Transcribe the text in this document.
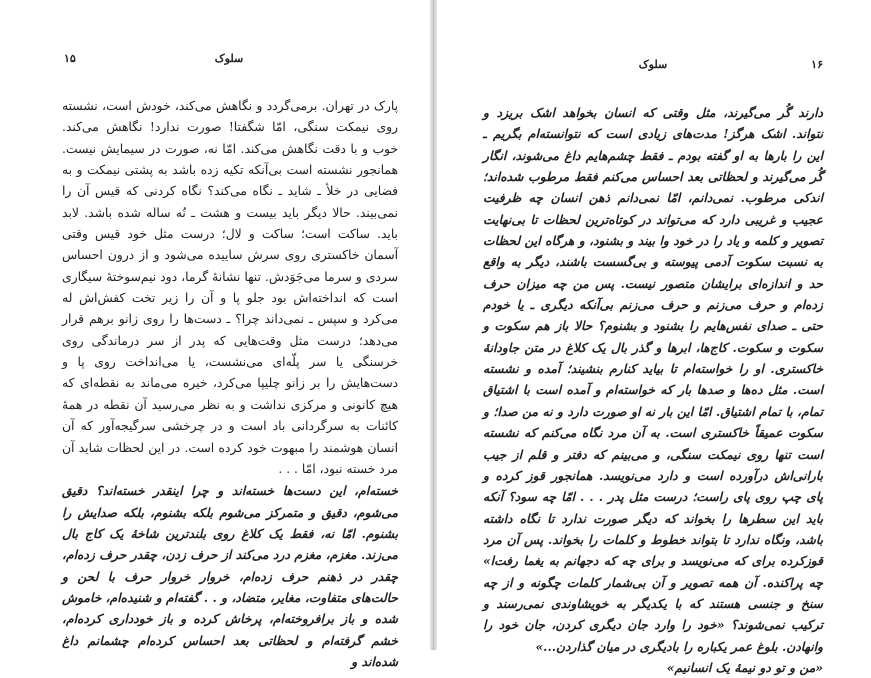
سلوک
۱۵

پارک در تهران. برمی‌گردد و نگاهش می‌کند، خودش است، نشسته روی نیمکت سنگی، امّا شگفتا! صورت ندارد! نگاهش می‌کند. خوب و با دقت نگاهش می‌کند. امّا نه، صورت در سیمایش نیست. همانجور نشسته است بی‌آنکه تکیه زده باشد به پشتی نیمکت و به فضایی در خلأ ـ شاید ـ نگاه می‌کند؟ نگاه کردنی که قیس آن را نمی‌بیند. حالا دیگر باید بیست و هشت ـ نُه ساله شده باشد. لابد باید. ساکت است؛ ساکت و لال؛ درست مثل خود قیس وقتی آسمان خاکستری روی سرش ساییده می‌شود و از درون احساس سردی و سرما می‌جَوَدش. تنها نشانهٔ گرما، دود نیم‌سوختهٔ سیگاری است که انداخته‌اش بود جلو پا و آن را زیر تخت کفش‌اش له می‌کرد و سپس ـ نمی‌داند چرا؟ ـ دست‌ها را روی زانو برهم قرار می‌دهد؛ درست مثل وقت‌هایی که پدر از سر درماندگی روی خرسنگی یا سر پلّه‌ای می‌نشست، یا می‌انداخت روی پا و دست‌هایش را بر زانو چلیپا می‌کرد، خیره می‌ماند به نقطه‌ای که هیچ کانونی و مرکزی نداشت و به نظر می‌رسید آن نقطه در همهٔ کائنات به سرگردانی باد است و در چرخشی سرگیجه‌آور که آن انسان هوشمند را مبهوت خود کرده است. در این لحظات شاید آن مرد خسته نبود، امّا . . .

خسته‌ام، این دست‌ها خسته‌اند و چرا اینقدر خسته‌اند؟ دقیق می‌شوم، دقیق و متمرکز می‌شوم بلکه بشنوم، بلکه صدایش را بشنوم. امّا نه، فقط یک کلاغ روی بلندترین شاخهٔ یک کاج بال می‌زند. مغزم، مغزم درد می‌کند از حرف زدن، چقدر حرف زده‌ام، چقدر در ذهنم حرف زده‌ام، خروار خروار حرف با لحن و حالت‌های متفاوت، مغایر، متضاد، و . . گفته‌ام و شنیده‌ام، خاموش شده و باز برافروخته‌ام، پرخاش کرده و باز خودداری کرده‌ام، خشم گرفته‌ام و لحظاتی بعد احساس کرده‌ام چشمانم داغ شده‌اند و

سلوک	۱۶

دارند گُر می‌گیرند، مثل وقتی که انسان بخواهد اشک بریزد و نتواند. اشک هرگز! مدت‌های زیادی است که نتوانسته‌ام بگریم ـ این را بارها به او گفته بودم ـ فقط چشم‌هایم داغ می‌شوند، انگار گُر می‌گیرند و لحظاتی بعد احساس می‌کنم فقط مرطوب شده‌اند؛ اندکی مرطوب. نمی‌دانم، امّا نمی‌دانم ذهن انسان چه ظرفیت عجیب و غریبی دارد که می‌تواند در کوتاه‌ترین لحظات تا بی‌نهایت تصویر و کلمه و یاد را در خود وا بیند و بشنود، و هرگاه این لحظات به نسبت سکوت آدمی پیوسته و بی‌گسست باشند، دیگر به واقع حد و اندازه‌ای برایشان متصور نیست. پس من چه میزان حرف زده‌ام و حرف می‌زنم و حرف می‌زنم بی‌آنکه دیگری ـ یا خودم حتی ـ صدای نفس‌هایم را بشنود و بشنوم؟ حالا باز هم سکوت و سکوت و سکوت. کاج‌ها، ابرها و گذر بال یک کلاغ در متن جاودانهٔ خاکستری. او را خواسته‌ام تا بیاید کنارم بنشیند؛ آمده و نشسته است. مثل ده‌ها و صدها بار که خواسته‌ام و آمده است با اشتیاق تمام، با تمام اشتیاق. امّا این بار نه او صورت دارد و نه من صدا؛ و سکوت عمیقاً خاکستری است. به آن مرد نگاه می‌کنم که نشسته است تنها روی نیمکت سنگی، و می‌بینم که دفتر و قلم از جیب بارانی‌اش درآورده است و دارد می‌نویسد. همانجور قوز کرده و پای چپ روی پای راست؛ درست مثل پدر . . . امّا چه سود؟ آنکه باید این سطرها را بخواند که دیگر صورت ندارد تا نگاه داشته باشد، ونگاه ندارد تا بتواند خطوط و کلمات را بخواند. پس آن مرد قوزکرده برای که می‌نویسد و برای چه که دجهانم به یغما رفت‌ا» چه پراکنده. آن همه تصویر و آن بی‌شمار کلمات چگونه و از چه سنخ و جنسی هستند که با یکدیگر به خویشاوندی نمی‌رسند و ترکیب نمی‌شوند؟ «خود را وارد جان دیگری کردن، جان خود را وانهادن. بلوغ عمر یکباره را بادیگری در میان گذاردن...»

«من و تو دو نیمهٔ یک انسانیم»
